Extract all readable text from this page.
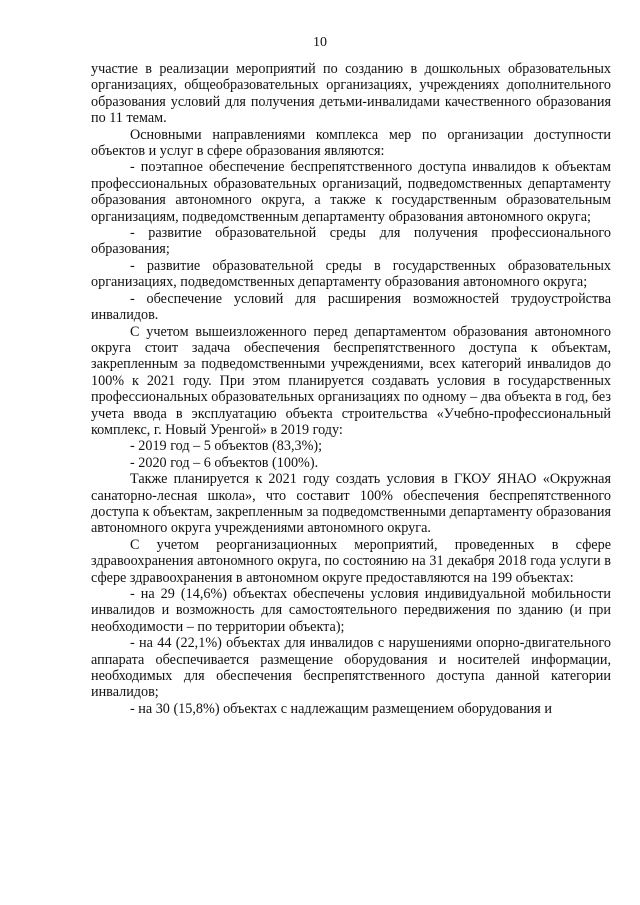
10

участие в реализации мероприятий по созданию в дошкольных образовательных организациях, общеобразовательных организациях, учреждениях дополнительного образования условий для получения детьми-инвалидами качественного образования по 11 темам.

Основными направлениями комплекса мер по организации доступности объектов и услуг в сфере образования являются:

- поэтапное обеспечение беспрепятственного доступа инвалидов к объектам профессиональных образовательных организаций, подведомственных департаменту образования автономного округа, а также к государственным образовательным организациям, подведомственным департаменту образования автономного округа;

- развитие образовательной среды для получения профессионального образования;

- развитие образовательной среды в государственных образовательных организациях, подведомственных департаменту образования автономного округа;

- обеспечение условий для расширения возможностей трудоустройства инвалидов.

С учетом вышеизложенного перед департаментом образования автономного округа стоит задача обеспечения беспрепятственного доступа к объектам, закрепленным за подведомственными учреждениями, всех категорий инвалидов до 100% к 2021 году. При этом планируется создавать условия в государственных профессиональных образовательных организациях по одному – два объекта в год, без учета ввода в эксплуатацию объекта строительства «Учебно-профессиональный комплекс, г. Новый Уренгой» в 2019 году:

- 2019 год – 5 объектов (83,3%);

- 2020 год – 6 объектов (100%).

Также планируется к 2021 году создать условия в ГКОУ ЯНАО «Окружная санаторно-лесная школа», что составит 100% обеспечения беспрепятственного доступа к объектам, закрепленным за подведомственными департаменту образования автономного округа учреждениями автономного округа.

С учетом реорганизационных мероприятий, проведенных в сфере здравоохранения автономного округа, по состоянию на 31 декабря 2018 года услуги в сфере здравоохранения в автономном округе предоставляются на 199 объектах:

- на 29 (14,6%) объектах обеспечены условия индивидуальной мобильности инвалидов и возможность для самостоятельного передвижения по зданию (и при необходимости – по территории объекта);

- на 44 (22,1%) объектах для инвалидов с нарушениями опорно-двигательного аппарата обеспечивается размещение оборудования и носителей информации, необходимых для обеспечения беспрепятственного доступа данной категории инвалидов;

- на 30 (15,8%) объектах с надлежащим размещением оборудования и
